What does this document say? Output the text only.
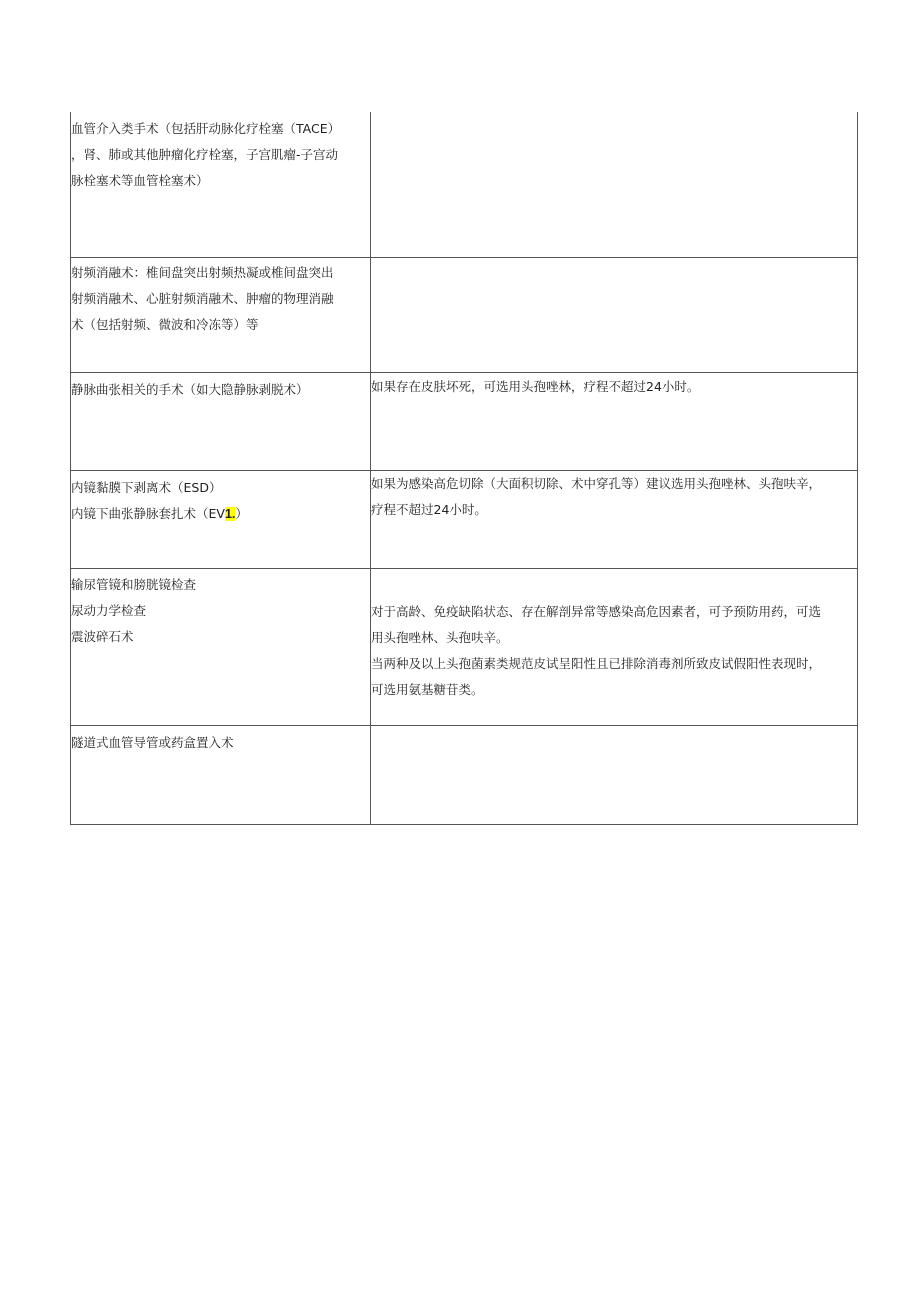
血管介入类手术（包括肝动脉化疗栓塞（TACE）
，肾、肺或其他肿瘤化疗栓塞，子宫肌瘤-子宫动
脉栓塞术等血管栓塞术）	

射频消融术：椎间盘突出射频热凝或椎间盘突出
射频消融术、心脏射频消融术、肿瘤的物理消融
术（包括射频、微波和冷冻等）等	

静脉曲张相关的手术（如大隐静脉剥脱术）	如果存在皮肤坏死，可选用头孢唑林，疗程不超过24小时。

内镜黏膜下剥离术（ESD）
内镜下曲张静脉套扎术（EV1.）	如果为感染高危切除（大面积切除、术中穿孔等）建议选用头孢唑林、头孢呋辛，
疗程不超过24小时。

输尿管镜和膀胱镜检查
尿动力学检查
震波碎石术	对于高龄、免疫缺陷状态、存在解剖异常等感染高危因素者，可予预防用药，可选
用头孢唑林、头孢呋辛。
当两种及以上头孢菌素类规范皮试呈阳性且已排除消毒剂所致皮试假阳性表现时，
可选用氨基糖苷类。

隧道式血管导管或药盒置入术	
